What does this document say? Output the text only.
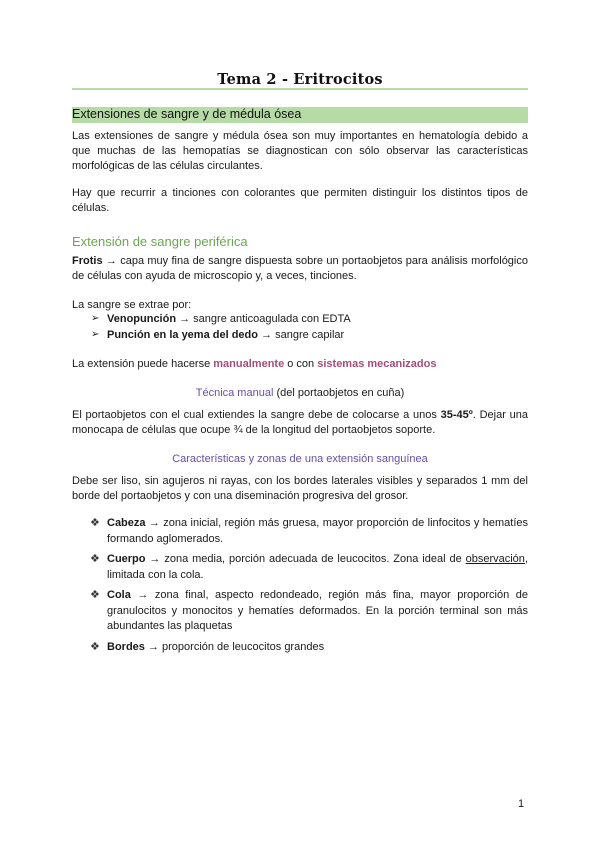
Tema 2 - Eritrocitos
Extensiones de sangre y de médula ósea

Las extensiones de sangre y médula ósea son muy importantes en hematología debido a que muchas de las hemopatías se diagnostican con sólo observar las características morfológicas de las células circulantes.

Hay que recurrir a tinciones con colorantes que permiten distinguir los distintos tipos de células.

Extensión de sangre periférica

Frotis → capa muy fina de sangre dispuesta sobre un portaobjetos para análisis morfológico de células con ayuda de microscopio y, a veces, tinciones.

La sangre se extrae por:

➢ Venopunción → sangre anticoagulada con EDTA
➢ Punción en la yema del dedo → sangre capilar

La extensión puede hacerse manualmente o con sistemas mecanizados

Técnica manual (del portaobjetos en cuña)

El portaobjetos con el cual extiendes la sangre debe de colocarse a unos 35-45º. Dejar una monocapa de células que ocupe ¾ de la longitud del portaobjetos soporte.

Características y zonas de una extensión sanguínea

Debe ser liso, sin agujeros ni rayas, con los bordes laterales visibles y separados 1 mm del borde del portaobjetos y con una diseminación progresiva del grosor.

❖ Cabeza → zona inicial, región más gruesa, mayor proporción de linfocitos y hematíes formando aglomerados.

❖ Cuerpo → zona media, porción adecuada de leucocitos. Zona ideal de observación, limitada con la cola.

❖ Cola → zona final, aspecto redondeado, región más fina, mayor proporción de granulocitos y monocitos y hematíes deformados. En la porción terminal son más abundantes las plaquetas

❖ Bordes → proporción de leucocitos grandes

1
